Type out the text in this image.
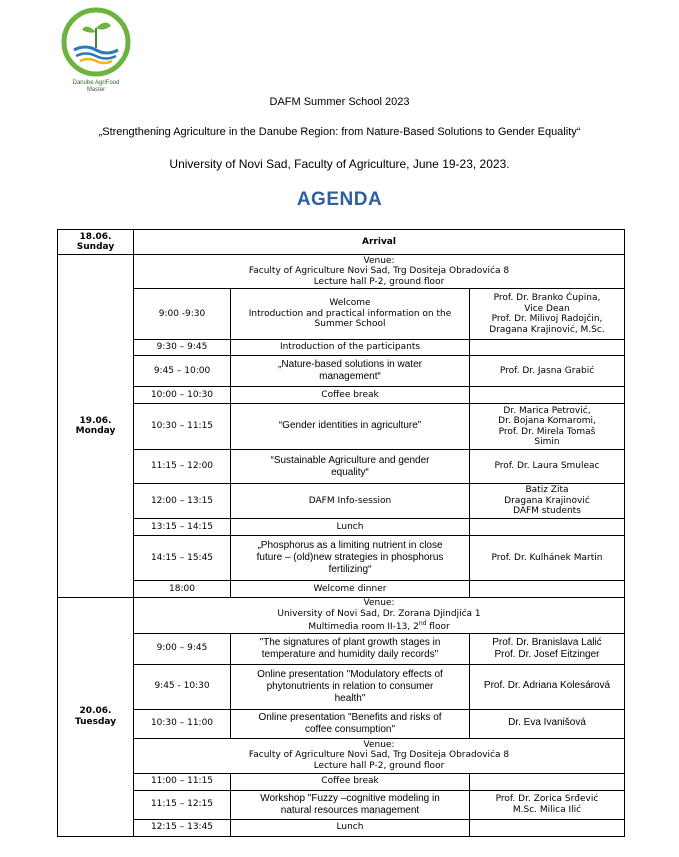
Danube AgriFood
Master
DAFM Summer School 2023
„Strengthening Agriculture in the Danube Region: from Nature-Based Solutions to Gender Equality“
University of Novi Sad, Faculty of Agriculture, June 19-23, 2023.
AGENDA
18.06.
Sunday	Arrival		
19.06.
Monday	Venue:
Faculty of Agriculture Novi Sad, Trg Dositeja Obradovića 8
Lecture hall P-2, ground floor		
	9:00 -9:30	Welcome
Introduction and practical information on the
Summer School	Prof. Dr. Branko Ćupina,
Vice Dean
Prof. Dr. Milivoj Radojčin,
Dragana Krajinović, M.Sc.
	9:30 – 9:45	Introduction of the participants	
	9:45 – 10:00	„Nature-based solutions in water
management“	Prof. Dr. Jasna Grabić
	10:00 – 10:30	Coffee break	
	10:30 – 11:15	“Gender identities in agriculture”	Dr. Marica Petrović,
Dr. Bojana Komaromi,
Prof. Dr. Mirela Tomaš
Simin
	11:15 – 12:00	“Sustainable Agriculture and gender
equality“	Prof. Dr. Laura Smuleac
	12:00 – 13:15	DAFM Info-session	Batiz Zita
Dragana Krajinović
DAFM students
	13:15 – 14:15	Lunch	
	14:15 – 15:45	„Phosphorus as a limiting nutrient in close
future – (old)new strategies in phosphorus
fertilizing“	Prof. Dr. Kulhánek Martin
	18:00	Welcome dinner	
20.06.
Tuesday	Venue:
University of Novi Sad, Dr. Zorana Djindjića 1
Multimedia room II-13, 2nd floor		
	9:00 – 9:45	"The signatures of plant growth stages in
temperature and humidity daily records"	Prof. Dr. Branislava Lalić
Prof. Dr. Josef Eitzinger
	9:45 - 10:30	Online presentation "Modulatory effects of
phytonutrients in relation to consumer
health"	Prof. Dr. Adriana Kolesárová
	10:30 – 11:00	Online presentation "Benefits and risks of
coffee consumption"	Dr. Eva Ivanišová
	Venue:
Faculty of Agriculture Novi Sad, Trg Dositeja Obradovića 8
Lecture hall P-2, ground floor		
	11:00 – 11:15	Coffee break	
	11:15 – 12:15	Workshop "Fuzzy –cognitive modeling in
natural resources management	Prof. Dr. Zorica Srđević
M.Sc. Milica Ilić
	12:15 – 13:45	Lunch	
